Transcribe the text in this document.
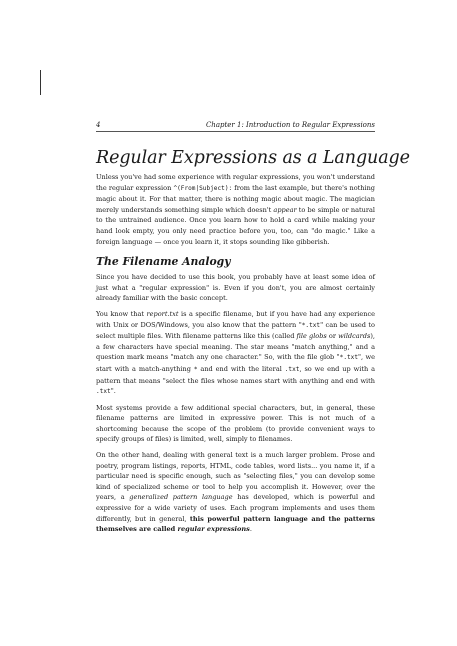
4	Chapter 1: Introduction to Regular Expressions
Regular Expressions as a Language

Unless you've had some experience with regular expressions, you won't understand the regular expression ^(From|Subject): from the last example, but there's nothing magic about it. For that matter, there is nothing magic about magic. The magician merely understands something simple which doesn't appear to be simple or natural to the untrained audience. Once you learn how to hold a card while making your hand look empty, you only need practice before you, too, can "do magic." Like a foreign language — once you learn it, it stops sounding like gibberish.

The Filename Analogy

Since you have decided to use this book, you probably have at least some idea of just what a "regular expression" is. Even if you don't, you are almost certainly already familiar with the basic concept.

You know that report.txt is a specific filename, but if you have had any experience with Unix or DOS/Windows, you also know that the pattern "*.txt" can be used to select multiple files. With filename patterns like this (called file globs or wildcards), a few characters have special meaning. The star means "match anything," and a question mark means "match any one character." So, with the file glob "*.txt", we start with a match-anything * and end with the literal .txt, so we end up with a pattern that means "select the files whose names start with anything and end with .txt".

Most systems provide a few additional special characters, but, in general, these filename patterns are limited in expressive power. This is not much of a shortcoming because the scope of the problem (to provide convenient ways to specify groups of files) is limited, well, simply to filenames.

On the other hand, dealing with general text is a much larger problem. Prose and poetry, program listings, reports, HTML, code tables, word lists... you name it, if a particular need is specific enough, such as "selecting files," you can develop some kind of specialized scheme or tool to help you accomplish it. However, over the years, a generalized pattern language has developed, which is powerful and expressive for a wide variety of uses. Each program implements and uses them differently, but in general, this powerful pattern language and the patterns themselves are called regular expressions.
